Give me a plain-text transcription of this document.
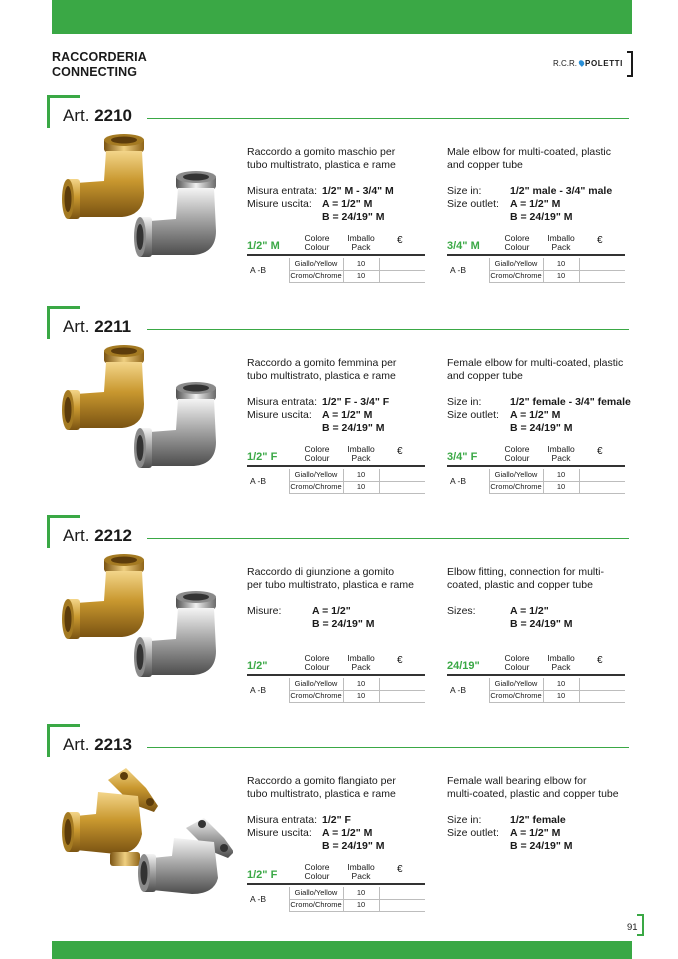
RACCORDERIA
CONNECTING
R.C.R. POLETTI
Art. 2210
Raccordo a gomito maschio per
tubo multistrato, plastica e rame
Misura entrata: 1/2" M - 3/4" M
Misure uscita: A = 1/2" M
B = 24/19" M
Male elbow for multi-coated, plastic
and copper tube
Size in:	1/2" male - 3/4" male
Size outlet:	A = 1/2" M
B = 24/19" M
1/2" M
Colore
Colour
Imballo
Pack
€
A -B
Giallo/Yellow	10
Cromo/Chrome	10
3/4" M
Colore
Colour
Imballo
Pack
€
A -B
Giallo/Yellow	10
Cromo/Chrome	10
Art. 2211
Raccordo a gomito femmina per
tubo multistrato, plastica e rame
Misura entrata: 1/2" F - 3/4" F
Misure uscita: A = 1/2" M
B = 24/19" M
Female elbow for multi-coated, plastic
and copper tube
Size in:	1/2" female - 3/4" female
Size outlet:	A = 1/2" M
B = 24/19" M
1/2" F
Colore
Colour
Imballo
Pack
€
A -B
Giallo/Yellow	10
Cromo/Chrome	10
3/4" F
Colore
Colour
Imballo
Pack
€
A -B
Giallo/Yellow	10
Cromo/Chrome	10
Art. 2212
Raccordo di giunzione a gomito
per tubo multistrato, plastica e rame
Misure:	A = 1/2"
B = 24/19" M
Elbow fitting, connection for multi-
coated, plastic and copper tube
Sizes:	A = 1/2"
B = 24/19" M
1/2"
Colore
Colour
Imballo
Pack
€
A -B
Giallo/Yellow	10
Cromo/Chrome	10
24/19"
Colore
Colour
Imballo
Pack
€
A -B
Giallo/Yellow	10
Cromo/Chrome	10
Art. 2213
Raccordo a gomito flangiato per
tubo multistrato, plastica e rame
Misura entrata: 1/2" F
Misure uscita: A = 1/2" M
B = 24/19" M
Female wall bearing elbow for
multi-coated, plastic and copper tube
Size in:	1/2" female
Size outlet:	A = 1/2" M
B = 24/19" M
1/2" F
Colore
Colour
Imballo
Pack
€
A -B
Giallo/Yellow	10
Cromo/Chrome	10
91
